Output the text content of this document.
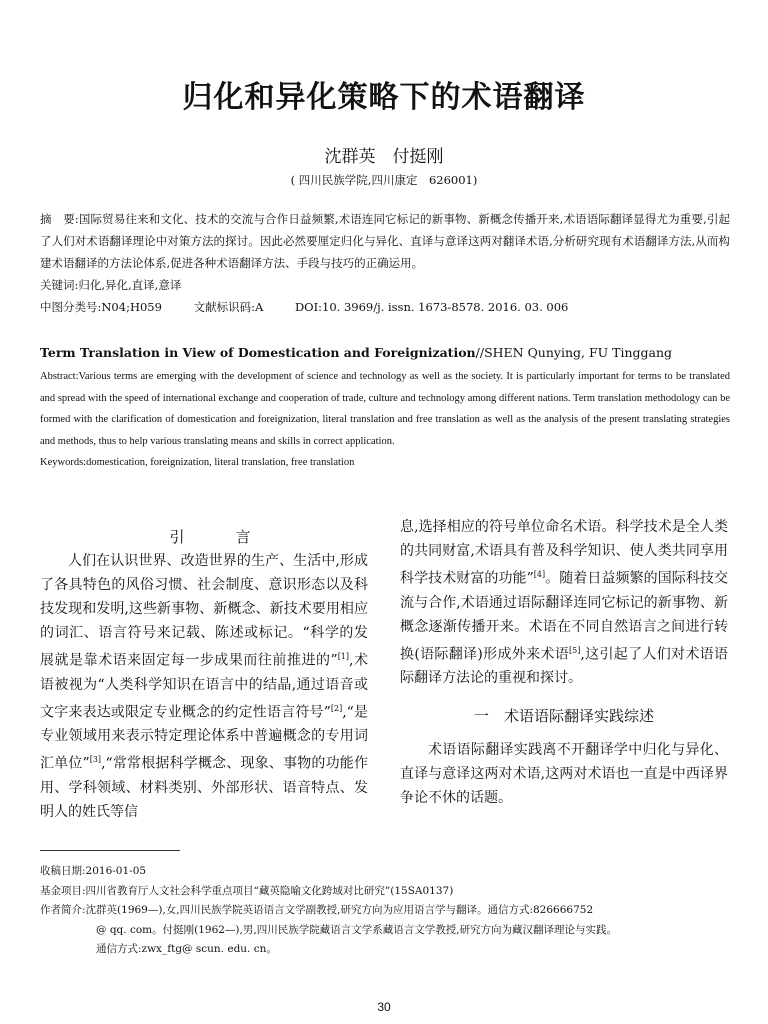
归化和异化策略下的术语翻译
沈群英　付挺刚
( 四川民族学院,四川康定　626001)

摘　要:国际贸易往来和文化、技术的交流与合作日益频繁,术语连同它标记的新事物、新概念传播开来,术语语际翻译显得尤为重要,引起了人们对术语翻译理论中对策方法的探讨。因此必然要厘定归化与异化、直译与意译这两对翻译术语,分析研究现有术语翻译方法,从而构建术语翻译的方法论体系,促进各种术语翻译方法、手段与技巧的正确运用。

关键词:归化,异化,直译,意译

中图分类号:N04;H059	文献标识码:A	DOI:10. 3969/j. issn. 1673-8578. 2016. 03. 006

Term Translation in View of Domestication and Foreignization//SHEN Qunying, FU Tinggang

Abstract:Various terms are emerging with the development of science and technology as well as the society. It is particularly important for terms to be translated and spread with the speed of international exchange and cooperation of trade, culture and technology among different nations. Term translation methodology can be formed with the clarification of domestication and foreignization, literal translation and free translation as well as the analysis of the present translating strategies and methods, thus to help various translating means and skills in correct application.

Keywords:domestication, foreignization, literal translation, free translation

引　言

人们在认识世界、改造世界的生产、生活中,形成了各具特色的风俗习惯、社会制度、意识形态以及科技发现和发明,这些新事物、新概念、新技术要用相应的词汇、语言符号来记载、陈述或标记。“科学的发展就是靠术语来固定每一步成果而往前推进的”[1],术语被视为“人类科学知识在语言中的结晶,通过语音或文字来表达或限定专业概念的约定性语言符号”[2],“是专业领域用来表示特定理论体系中普遍概念的专用词汇单位”[3],“常常根据科学概念、现象、事物的功能作用、学科领域、材料类别、外部形状、语音特点、发明人的姓氏等信

息,选择相应的符号单位命名术语。科学技术是全人类的共同财富,术语具有普及科学知识、使人类共同享用科学技术财富的功能”[4]。随着日益频繁的国际科技交流与合作,术语通过语际翻译连同它标记的新事物、新概念逐渐传播开来。术语在不同自然语言之间进行转换(语际翻译)形成外来术语[5],这引起了人们对术语语际翻译方法论的重视和探讨。

一　术语语际翻译实践综述

术语语际翻译实践离不开翻译学中归化与异化、直译与意译这两对术语,这两对术语也一直是中西译界争论不休的话题。

收稿日期:2016-01-05

基金项目:四川省教育厅人文社会科学重点项目“藏英隐喻文化跨域对比研究”(15SA0137)

作者简介:沈群英(1969—),女,四川民族学院英语语言文学副教授,研究方向为应用语言学与翻译。通信方式:826666752

@ qq. com。付挺刚(1962—),男,四川民族学院藏语言文学系藏语言文学教授,研究方向为藏汉翻译理论与实践。

通信方式:zwx_ftg@ scun. edu. cn。

30
